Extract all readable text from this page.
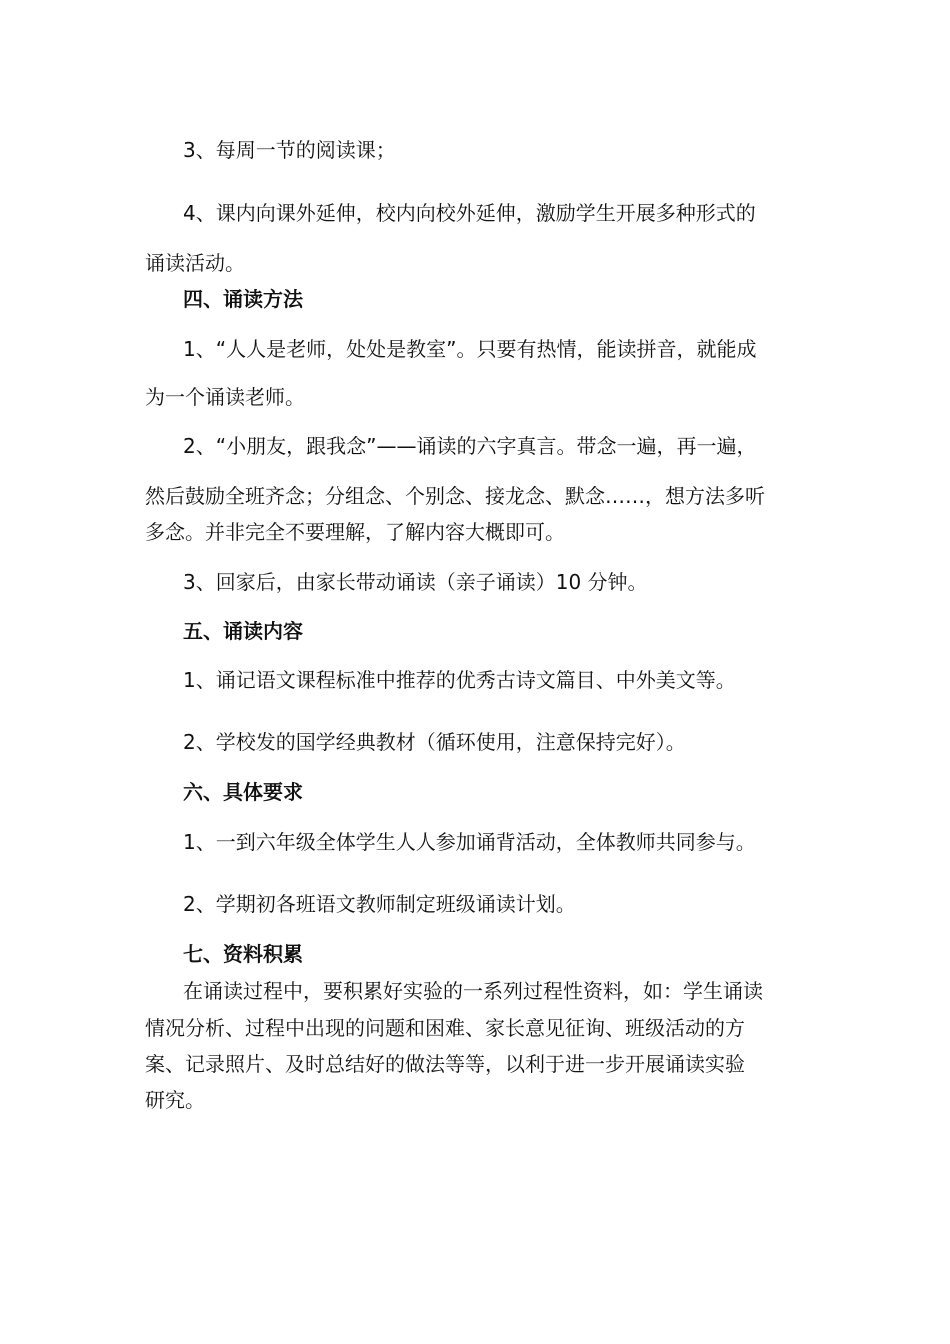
3、每周一节的阅读课；

4、课内向课外延伸，校内向校外延伸，激励学生开展多种形式的

诵读活动。

四、诵读方法

1、“人人是老师，处处是教室”。只要有热情，能读拼音，就能成

为一个诵读老师。

2、“小朋友，跟我念”——诵读的六字真言。带念一遍，再一遍，

然后鼓励全班齐念；分组念、个别念、接龙念、默念……，想方法多听

多念。并非完全不要理解，了解内容大概即可。

3、回家后，由家长带动诵读（亲子诵读）10 分钟。

五、诵读内容

1、诵记语文课程标准中推荐的优秀古诗文篇目、中外美文等。

2、学校发的国学经典教材（循环使用，注意保持完好）。

六、具体要求

1、一到六年级全体学生人人参加诵背活动，全体教师共同参与。

2、学期初各班语文教师制定班级诵读计划。

七、资料积累

在诵读过程中，要积累好实验的一系列过程性资料，如：学生诵读

情况分析、过程中出现的问题和困难、家长意见征询、班级活动的方

案、记录照片、及时总结好的做法等等，以利于进一步开展诵读实验

研究。
